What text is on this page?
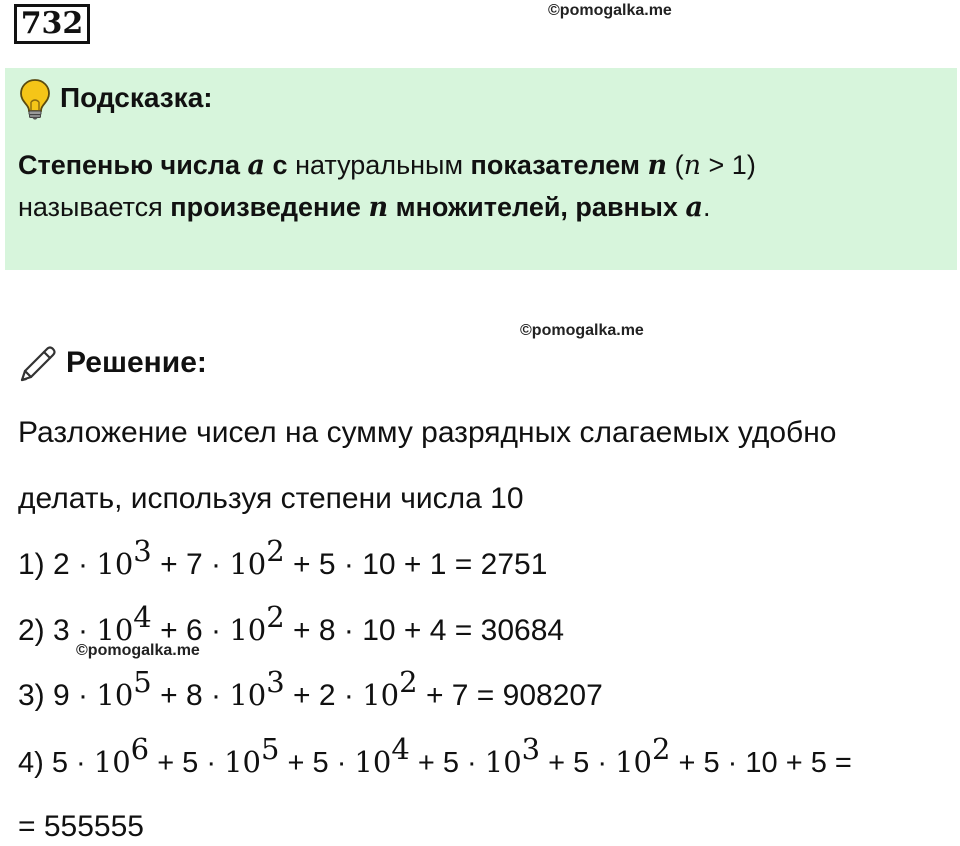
732	©pomogalka.me
©pomogalka.me
©pomogalka.me
Подсказка:
Степенью числа a с натуральным показателем n (n > 1)
называется произведение n множителей, равных a.
Решение:
Разложение чисел на сумму разрядных слагаемых удобно
делать, используя степени числа 10
1) $2 \cdot 10^3 + 7 \cdot 10^2 + 5 \cdot 10 + 1 = 2751$
2) $3 \cdot 10^4 + 6 \cdot 10^2 + 8 \cdot 10 + 4 = 30684$
3) $9 \cdot 10^5 + 8 \cdot 10^3 + 2 \cdot 10^2 + 7 = 908207$
4) $5 \cdot 10^6 + 5 \cdot 10^5 + 5 \cdot 10^4 + 5 \cdot 10^3 + 5 \cdot 10^2 + 5 \cdot 10 + 5$ =
= 555555
